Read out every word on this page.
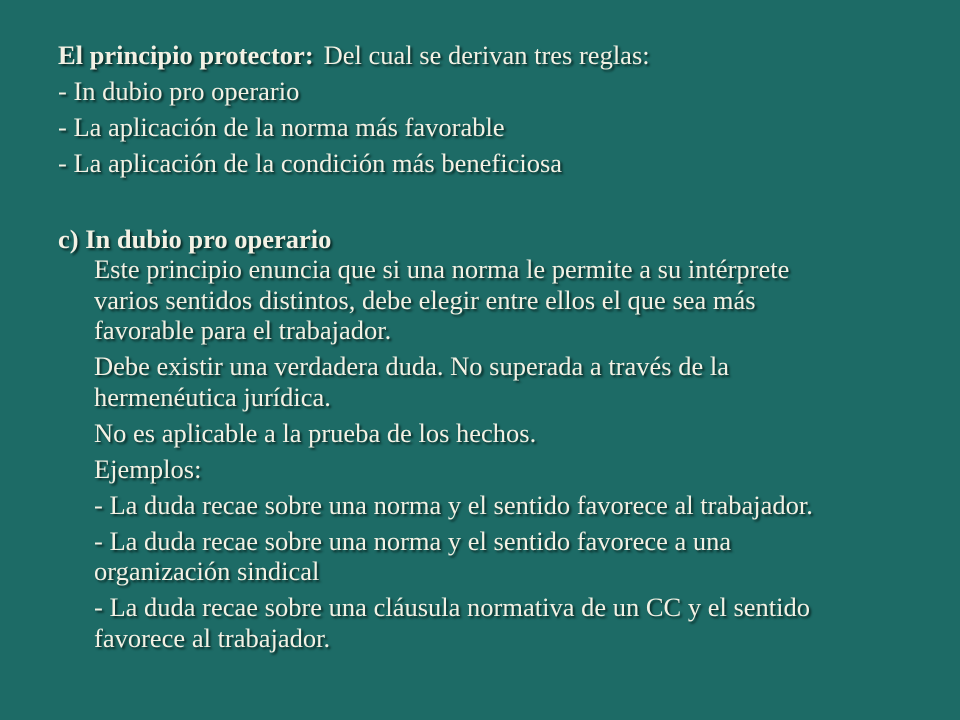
El principio protector: Del cual se derivan tres reglas:

- In dubio pro operario

- La aplicación de la norma más favorable

- La aplicación de la condición más beneficiosa

c) In dubio pro operario

Este principio enuncia que si una norma le permite a su intérprete
varios sentidos distintos, debe elegir entre ellos el que sea más
favorable para el trabajador.

Debe existir una verdadera duda. No superada a través de la
hermenéutica jurídica.

No es aplicable a la prueba de los hechos.

Ejemplos:

- La duda recae sobre una norma y el sentido favorece al trabajador.

- La duda recae sobre una norma y el sentido favorece a una
organización sindical

- La duda recae sobre una cláusula normativa de un CC y el sentido
favorece al trabajador.
